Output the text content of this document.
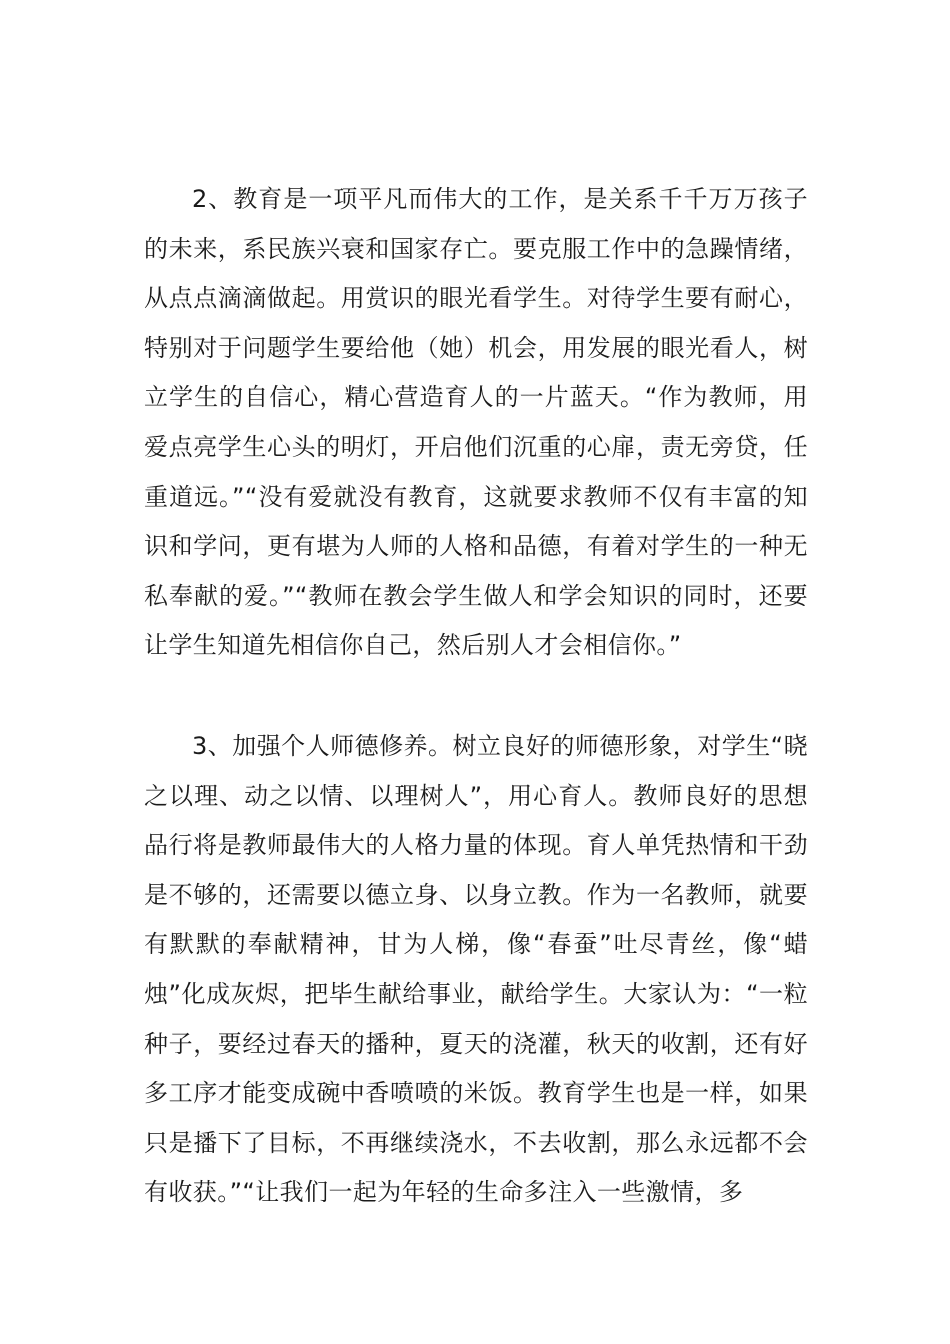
2、教育是一项平凡而伟大的工作，是关系千千万万孩子的未来，系民族兴衰和国家存亡。要克服工作中的急躁情绪，从点点滴滴做起。用赏识的眼光看学生。对待学生要有耐心，特别对于问题学生要给他（她）机会，用发展的眼光看人，树立学生的自信心，精心营造育人的一片蓝天。“作为教师，用爱点亮学生心头的明灯，开启他们沉重的心扉，责无旁贷，任重道远。”“没有爱就没有教育，这就要求教师不仅有丰富的知识和学问，更有堪为人师的人格和品德，有着对学生的一种无私奉献的爱。”“教师在教会学生做人和学会知识的同时，还要让学生知道先相信你自己，然后别人才会相信你。”

3、加强个人师德修养。树立良好的师德形象，对学生“晓之以理、动之以情、以理树人”，用心育人。教师良好的思想品行将是教师最伟大的人格力量的体现。育人单凭热情和干劲是不够的，还需要以德立身、以身立教。作为一名教师，就要有默默的奉献精神，甘为人梯，像“春蚕”吐尽青丝，像“蜡烛”化成灰烬，把毕生献给事业，献给学生。大家认为：“一粒种子，要经过春天的播种，夏天的浇灌，秋天的收割，还有好多工序才能变成碗中香喷喷的米饭。教育学生也是一样，如果只是播下了目标，不再继续浇水，不去收割，那么永远都不会有收获。”“让我们一起为年轻的生命多注入一些激情，多
